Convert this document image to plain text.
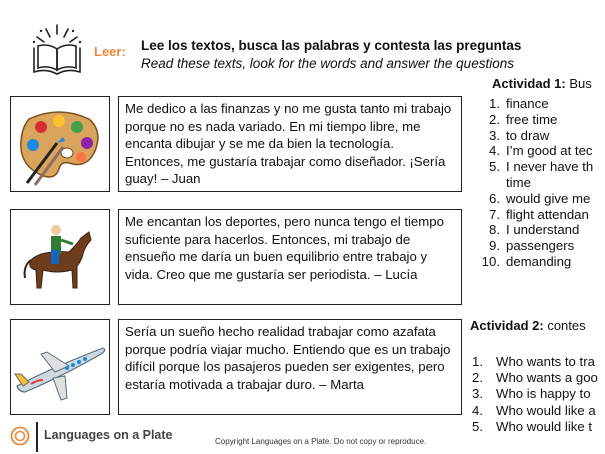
Leer: Lee los textos, busca las palabras y contesta las preguntas
Read these texts, look for the words and answer the questions
Me dedico a las finanzas y no me gusta tanto mi trabajo porque no es nada variado. En mi tiempo libre, me encanta dibujar y se me da bien la tecnología. Entonces, me gustaría trabajar como diseñador. ¡Sería guay! – Juan
Me encantan los deportes, pero nunca tengo el tiempo suficiente para hacerlos. Entonces, mi trabajo de ensueño me daría un buen equilibrio entre trabajo y vida. Creo que me gustaría ser periodista. – Lucía
Sería un sueño hecho realidad trabajar como azafata porque podría viajar mucho. Entiendo que es un trabajo difícil porque los pasajeros pueden ser exigentes, pero estaría motivada a trabajar duro. – Marta
Actividad 1: Bus
1. finance
2. free time
3. to draw
4. I’m good at tec
5. I never have th
time
6. would give me
7. flight attendan
8. I understand
9. passengers
10. demanding
Actividad 2: contes
1. Who wants to tra
2. Who wants a goo
3. Who is happy to
4. Who would like a
5. Who would like t
Languages on a Plate	Copyright Languages on a Plate. Do not copy or reproduce.
